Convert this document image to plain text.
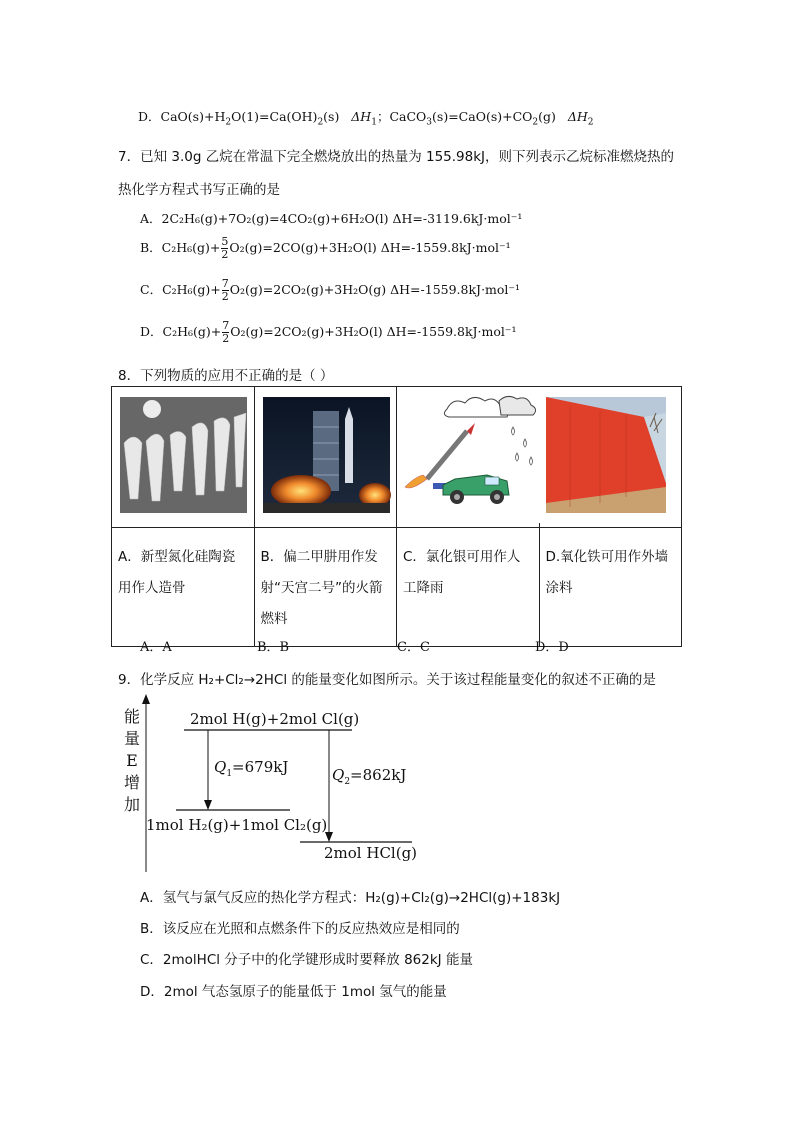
D．$CaO(s)+H_2O(1)=Ca(OH)_2(s)$ $\Delta H_1$；$CaCO_3(s)=CaO(s)+CO_2(g)$ $\Delta H_2$
7．已知 3.0g 乙烷在常温下完全燃烧放出的热量为 155.98kJ，则下列表示乙烷标准燃烧热的
热化学方程式书写正确的是
A．2C₂H₆(g)+7O₂(g)=4CO₂(g)+6H₂O(l) ΔH=-3119.6kJ·mol⁻¹
B．$C_2H_6(g)+ \frac{5}{2} O_2(g)=2CO(g)+3H_2O(l)$ ΔH=-1559.8kJ·mol⁻¹
C．$C_2H_6(g)+ \frac{7}{2} O_2(g)=2CO_2(g)+3H_2O(g)$ ΔH=-1559.8kJ·mol⁻¹
D．$C_2H_6(g)+ \frac{7}{2} O_2(g)=2CO_2(g)+3H_2O(l)$ ΔH=-1559.8kJ·mol⁻¹
8．下列物质的应用不正确的是（ ）

A．新型氮化硅陶瓷用作人造骨	B．偏二甲肼用作发射“天宫二号”的火箭燃料	C．氯化银可用作人工降雨	D.氧化铁可用作外墙涂料
A．A	B．B	C．C	D．D
9．化学反应 H₂+Cl₂→2HCl 的能量变化如图所示。关于该过程能量变化的叙述不正确的是
能
量
E
增
加
2mol H(g)+2mol Cl(g)
1mol H₂(g)+1mol Cl₂(g)
2mol HCl(g)
$Q_1=679kJ$	$Q_2=862kJ$
A．氢气与氯气反应的热化学方程式：H₂(g)+Cl₂(g)→2HCl(g)+183kJ
B．该反应在光照和点燃条件下的反应热效应是相同的
C．2molHCl 分子中的化学键形成时要释放 862kJ 能量
D．2mol 气态氢原子的能量低于 1mol 氢气的能量
